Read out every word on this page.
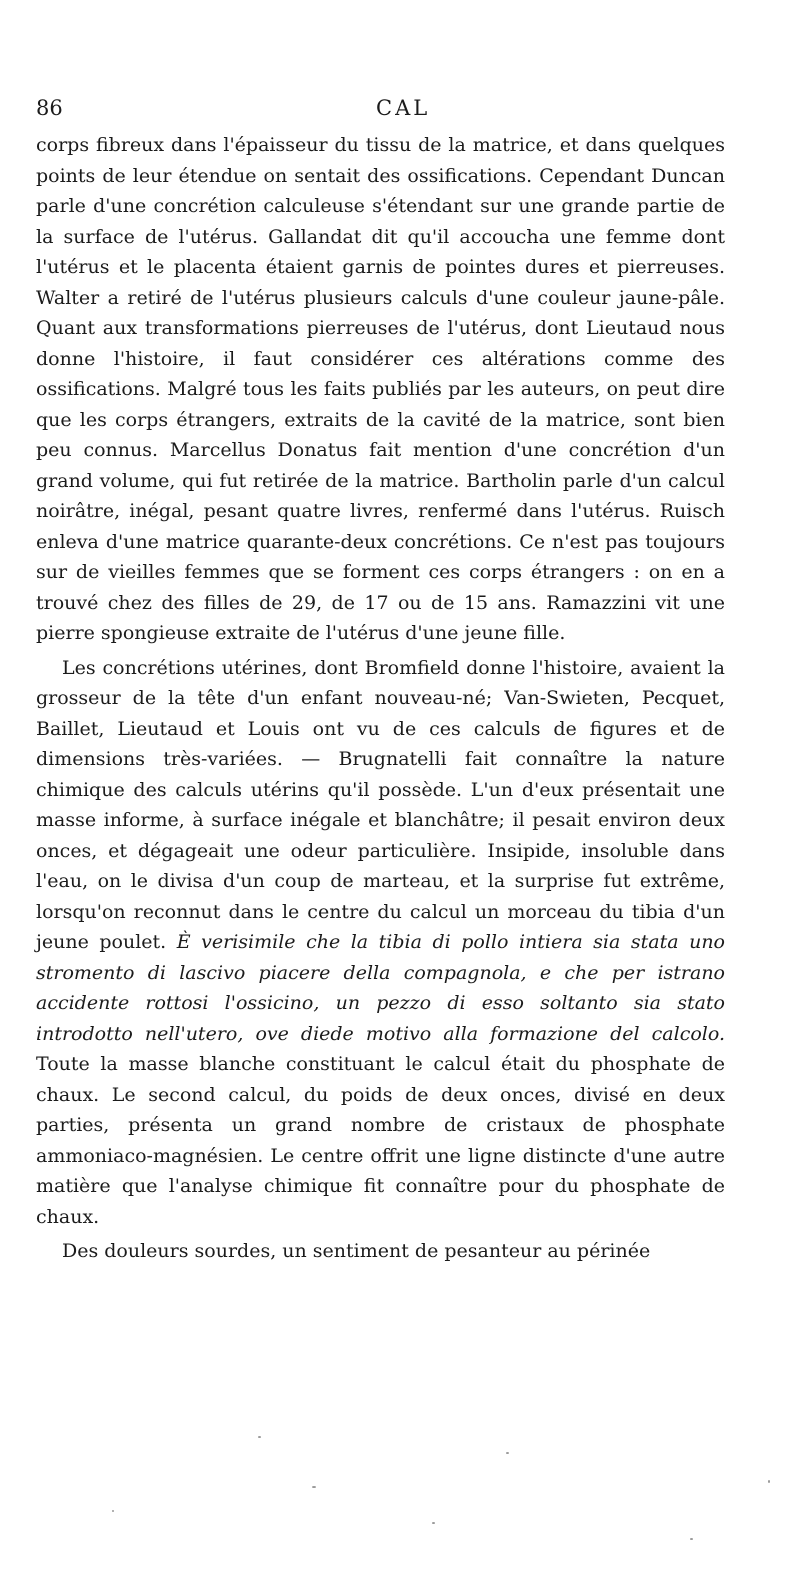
86	CAL

corps fibreux dans l'épaisseur du tissu de la matrice, et dans quelques points de leur étendue on sentait des ossifications. Cependant Duncan parle d'une concrétion calculeuse s'étendant sur une grande partie de la surface de l'utérus. Gallandat dit qu'il accoucha une femme dont l'utérus et le placenta étaient garnis de pointes dures et pierreuses. Walter a retiré de l'utérus plusieurs calculs d'une couleur jaune-pâle. Quant aux transformations pierreuses de l'utérus, dont Lieutaud nous donne l'histoire, il faut considérer ces altérations comme des ossifications. Malgré tous les faits publiés par les auteurs, on peut dire que les corps étrangers, extraits de la cavité de la matrice, sont bien peu connus. Marcellus Donatus fait mention d'une concrétion d'un grand volume, qui fut retirée de la matrice. Bartholin parle d'un calcul noirâtre, inégal, pesant quatre livres, renfermé dans l'utérus. Ruisch enleva d'une matrice quarante-deux concrétions. Ce n'est pas toujours sur de vieilles femmes que se forment ces corps étrangers : on en a trouvé chez des filles de 29, de 17 ou de 15 ans. Ramazzini vit une pierre spongieuse extraite de l'utérus d'une jeune fille.

Les concrétions utérines, dont Bromfield donne l'histoire, avaient la grosseur de la tête d'un enfant nouveau-né; Van-Swieten, Pecquet, Baillet, Lieutaud et Louis ont vu de ces calculs de figures et de dimensions très-variées. — Brugnatelli fait connaître la nature chimique des calculs utérins qu'il possède. L'un d'eux présentait une masse informe, à surface inégale et blanchâtre; il pesait environ deux onces, et dégageait une odeur particulière. Insipide, insoluble dans l'eau, on le divisa d'un coup de marteau, et la surprise fut extrême, lorsqu'on reconnut dans le centre du calcul un morceau du tibia d'un jeune poulet. È verisimile che la tibia di pollo intiera sia stata uno stromento di lascivo piacere della compagnola, e che per istrano accidente rottosi l'ossicino, un pezzo di esso soltanto sia stato introdotto nell'utero, ove diede motivo alla formazione del calcolo. Toute la masse blanche constituant le calcul était du phosphate de chaux. Le second calcul, du poids de deux onces, divisé en deux parties, présenta un grand nombre de cristaux de phosphate ammoniaco-magnésien. Le centre offrit une ligne distincte d'une autre matière que l'analyse chimique fit connaître pour du phosphate de chaux.

Des douleurs sourdes, un sentiment de pesanteur au périnée
